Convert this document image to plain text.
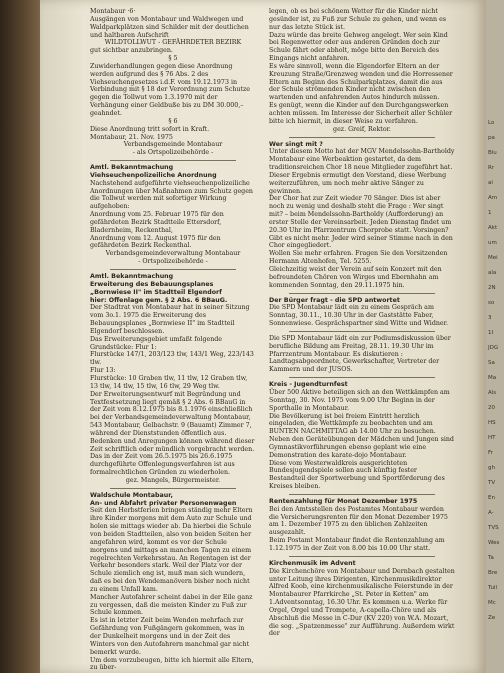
Lo
pa
Blu
Rr
ai
Am
1
Akt
um
Mei
ala
2N
so
3
1I
JDG
Sa
Ma
Als
20
HS
HT
Fr
gh
TV
En
A-
TVS
Wes
Ta
Bre
Tull
Mc
Ze

Montabaur ·6·

Ausgängen von Montabaur und Waldwegen und Waldparkplätzen sind Schilder mit der deutlichen und haltbaren Aufschrift

WILDTOLLWUT - GEFÄHRDETER BEZIRK

gut sichtbar anzubringen.

§ 5

Zuwiderhandlungen gegen diese Anordnung werden aufgrund des § 76 Abs. 2 des Viehseuchengesetzes i.d.F. vom 19.12.1973 in Verbindung mit § 18 der Verordnung zum Schutze gegen die Tollwut vom 1.3.1970 mit der Verhängung einer Geldbuße bis zu DM 30.000,– geahndet.

§ 6

Diese Anordnung tritt sofort in Kraft.

Montabaur, 21. Nov. 1975

Verbandsgemeinde Montabaur

- als Ortspolizeibehörde -

Amtl. Bekanntmachung

Viehseuchenpolizeiliche Anordnung

Nachstehend aufgeführte viehseuchenpolizeiliche Anordnungen über Maßnahmen zum Schutz gegen die Tollwut werden mit sofortiger Wirkung aufgehoben:

Anordnung vom 25. Februar 1975 für den gefährdeten Bezirk Stadtteile Ettersdorf, Bladernheim, Reckenthal,

Anordnung vom 12. August 1975 für den gefährdeten Bezirk Reckenthal.

Verbandsgemeindeverwaltung Montabaur

- Ortspolizeibehörde -

Amtl. Bekanntmachung

Erweiterung des Bebauungsplanes „Bornwiese II" im Stadtteil Elgendorf

hier: Offenlage gem. § 2 Abs. 6 BBauG.

Der Stadtrat von Montabaur hat in seiner Sitzung vom 3o.1. 1975 die Erweiterung des Bebauungsplanes „Bornwiese II" im Stadtteil Elgendorf beschlossen.

Das Erweiterungsgebiet umfaßt folgende Grundstücke: Flur 1:

Flurstücke 147/1, 203/123 tlw, 143/1 Weg, 223/143 tlw.

Flur 13:

Flurstücke: 10 Graben tlw, 11 tlw, 12 Graben tlw, 13 tlw, 14 tlw, 15 tlw, 16 tlw, 29 Weg tlw.

Der Erweiterungsentwurf mit Begründung und Textfestsetzung liegt gemäß § 2 Abs. 6 BBauG in der Zeit vom 8.12.1975 bis 8.1.1976 einschließlich

bei der Verbandsgemeindeverwaltung Montabaur, 543 Montabaur, Gelbachstr. 9 (Bauamt) Zimmer 7, während der Dienststunden öffentlich aus.

Bedenken und Anregungen können während dieser Zeit schriftlich oder mündlich vorgebracht werden.

Das in der Zeit vom 26.5.1975 bis 26.6.1975 durchgeführte Offenlegungsverfahren ist aus formalrechtlichen Gründen zu wiederholen.

gez. Mangels, Bürgermeister.

Waldschule Montabaur,

An- und Abfahrt privater Personenwagen

Seit den Herbstferien bringen ständig mehr Eltern ihre Kinder morgens mit dem Auto zur Schule und holen sie mittags wieder ab. Da hierbei die Schule von beiden Stadtteilen, also von beiden Seiten her angefahren wird, kommt es vor der Schule morgens und mittags an manchen Tagen zu einem regelrechten Verkehrsstau. An Regentagen ist der Verkehr besonders stark. Weil der Platz vor der Schule ziemlich eng ist, muß man sich wundern, daß es bei den Wendemanövern bisher noch nicht zu einem Unfall kam.

Mancher Autofahrer scheint dabei in der Eile ganz zu vergessen, daß die meisten Kinder zu Fuß zur Schule kommen.

Es ist in letzter Zeit beim Wenden mehrfach zur Gefährdung von Fußgängern gekommen, was in der Dunkelheit morgens und in der Zeit des Winters von den Autofahrern manchmal gar nicht bemerkt wurde.

Um dem vorzubeugen, bitte ich hiermit alle Eltern, zu über-

legen, ob es bei schönem Wetter für die Kinder nicht gesünder ist, zu Fuß zur Schule zu gehen, und wenn es nur das letzte Stück ist.

Dazu würde das breite Gehweg angelegt. Wer sein Kind bei Regenwetter oder aus anderen Gründen doch zur Schule fährt oder abholt, möge bitte den Bereich des Eingangs nicht anfahren.

Es wäre sinnvoll, wenn die Elgendorfer Eltern an der Kreuzung Straße/Grenzweg wenden und die Horressener Eltern am Beginn des Schulparkplatzes, damit die aus der Schule strömenden Kinder nicht zwischen den wartenden und anfahrenden Autos hindurch müssen.

Es genügt, wenn die Kinder auf den Durchgangswerken achten müssen. Im Interesse der Sicherheit aller Schüler bitte ich hiermit, in dieser Weise zu verfahren.

gez. Greif, Rektor.

Wer singt mit ?

Unter diesem Motto hat der MGV Mendelssohn-Bartholdy Montabaur eine Werbeaktion gestartet, da dem traditionsreichen Chor 18 neue Mitglieder zugeführt hat. Dieser Ergebnis ermutigt den Vorstand, diese Werbung weiterzuführen, um noch mehr aktive Sänger zu gewinnen.

Der Chor hat zur Zeit wieder 70 Sänger. Dies ist aber noch zu wenig und deshalb steht die Frage : Wer singt mit? – beim Mendelssohn-Bartholdy (Aufforderung) an erster Stelle der Vereinsarbeit. Jeden Dienstag findet um 20.30 Uhr im Pfarrzentrum Chorprobe statt. Vorsingen? Gibt es nicht mehr. Jeder wird seiner Stimme nach in den Chor eingegliedert.

Wollen Sie mehr erfahren. Fragen Sie den Vorsitzenden Hermann Altenhofen, Tel. 5255.

Gleichzeitig weist der Verein auf sein Konzert mit den befreundeten Chören von Wirges und Ebernhahn am kommenden Sonntag, den 29.11.1975 hin.

Der Bürger fragt - die SPD antwortet

Die SPD Montabaur lädt ein zu einem Gespräch am Sonntag, 30.11., 10.30 Uhr in der Gaststätte Faber, Sonnenwiese. Gesprächspartner sind Witte und Widner.

Die SPD Montabaur lädt ein zur Podiumsdiskussion über berufliche Bildung am Freitag, 28.11. 19.30 Uhr im Pfarrzentrum Montabaur. Es diskutieren : Landtagsabgeordnete, Gewerkschafter, Vertreter der Kammern und der JUSOS.

Kreis - Jugendturnfest

Über 500 Aktive beteiligen sich an den Wettkämpfen am Sonntag, 30. Nov. 1975 vom 9.00 Uhr Beginn in der Sporthalle in Montabaur.

Die Bevölkerung ist bei freiem Eintritt herzlich eingeladen, die Wettkämpfe zu beobachten und am BUNTEN NACHMITTAG ab 14.00 Uhr zu besuchen. Neben den Geräteübungen der Mädchen und Jungen sind Gymnastikvorführungen ebenso geplant wie eine Demonstration des karate-dojo Montabaur.

Diese vom Westerwaldkreis ausgerichteten Bundesjugendspiele sollen auch künftig fester Bestandteil der Sportwerbung und Sportförderung des Kreises bleiben.

Rentenzahlung für Monat Dezember 1975

Bei den Amtsstellen des Postamtes Montabaur werden die Versicherungsrenten für den Monat Dezember 1975 am 1. Dezember 1975 zu den üblichen Zahlzeiten ausgezahlt.

Beim Postamt Montabaur findet die Rentenzahlung am 1.12.1975 in der Zeit von 8.00 bis 10.00 Uhr statt.

Kirchenmusik im Advent

Die Kirchenchöre von Montabaur und Dernbach gestalten unter Leitung ihres Dirigenten, Kirchenmusikdirektor Alfred Koob, eine kirchenmusikalische Feierstunde in der Montabaurer Pfarrkirche „St. Peter in Ketten" am 1.Adventsonntag, 16.30 Uhr. Es kommen u.a. Werke für Orgel, Orgel und Trompete, A-capella-Chöre und als Abschluß die Messe in C-Dur (KV 220) von W.A. Mozart, die sog. „Spatzenmesse" zur Aufführung. Außerdem wirkt der
